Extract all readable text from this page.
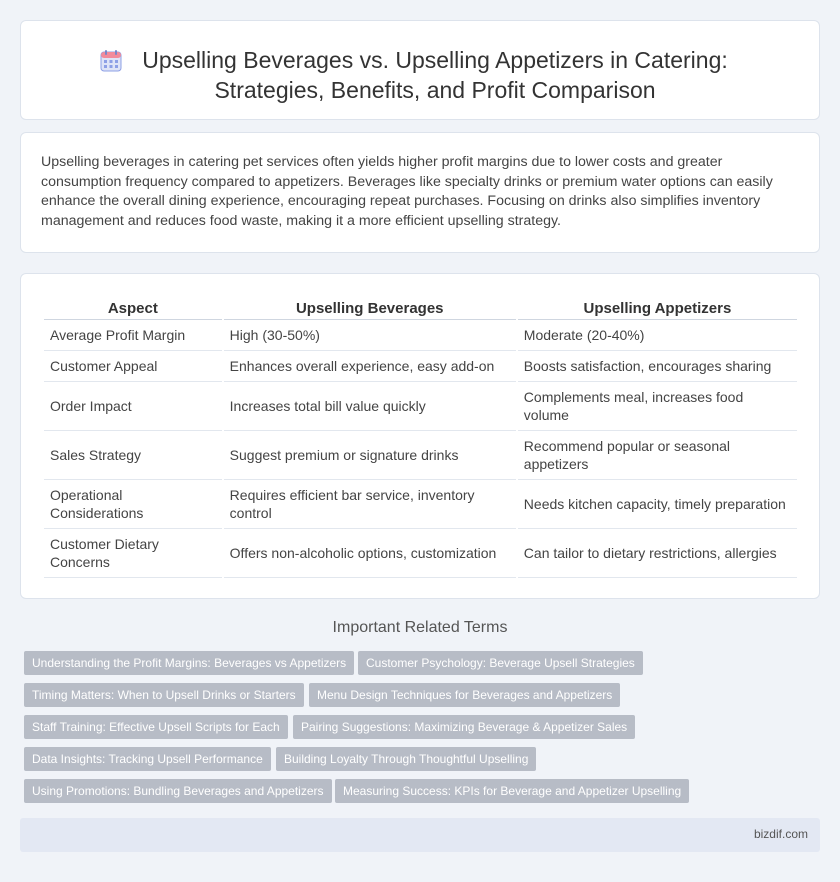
Upselling Beverages vs. Upselling Appetizers in Catering:
Strategies, Benefits, and Profit Comparison

Upselling beverages in catering pet services often yields higher profit margins due to lower costs and greater consumption frequency compared to appetizers. Beverages like specialty drinks or premium water options can easily enhance the overall dining experience, encouraging repeat purchases. Focusing on drinks also simplifies inventory management and reduces food waste, making it a more efficient upselling strategy.

Aspect	Upselling Beverages	Upselling Appetizers
Average Profit Margin	High (30-50%)	Moderate (20-40%)
Customer Appeal	Enhances overall experience, easy add-on	Boosts satisfaction, encourages sharing
Order Impact	Increases total bill value quickly	Complements meal, increases food volume
Sales Strategy	Suggest premium or signature drinks	Recommend popular or seasonal appetizers
Operational Considerations	Requires efficient bar service, inventory control	Needs kitchen capacity, timely preparation
Customer Dietary Concerns	Offers non-alcoholic options, customization	Can tailor to dietary restrictions, allergies
Important Related Terms
Understanding the Profit Margins: Beverages vs Appetizers	Customer Psychology: Beverage Upsell Strategies
Timing Matters: When to Upsell Drinks or Starters	Menu Design Techniques for Beverages and Appetizers
Staff Training: Effective Upsell Scripts for Each	Pairing Suggestions: Maximizing Beverage & Appetizer Sales
Data Insights: Tracking Upsell Performance	Building Loyalty Through Thoughtful Upselling
Using Promotions: Bundling Beverages and Appetizers	Measuring Success: KPIs for Beverage and Appetizer Upselling
bizdif.com
